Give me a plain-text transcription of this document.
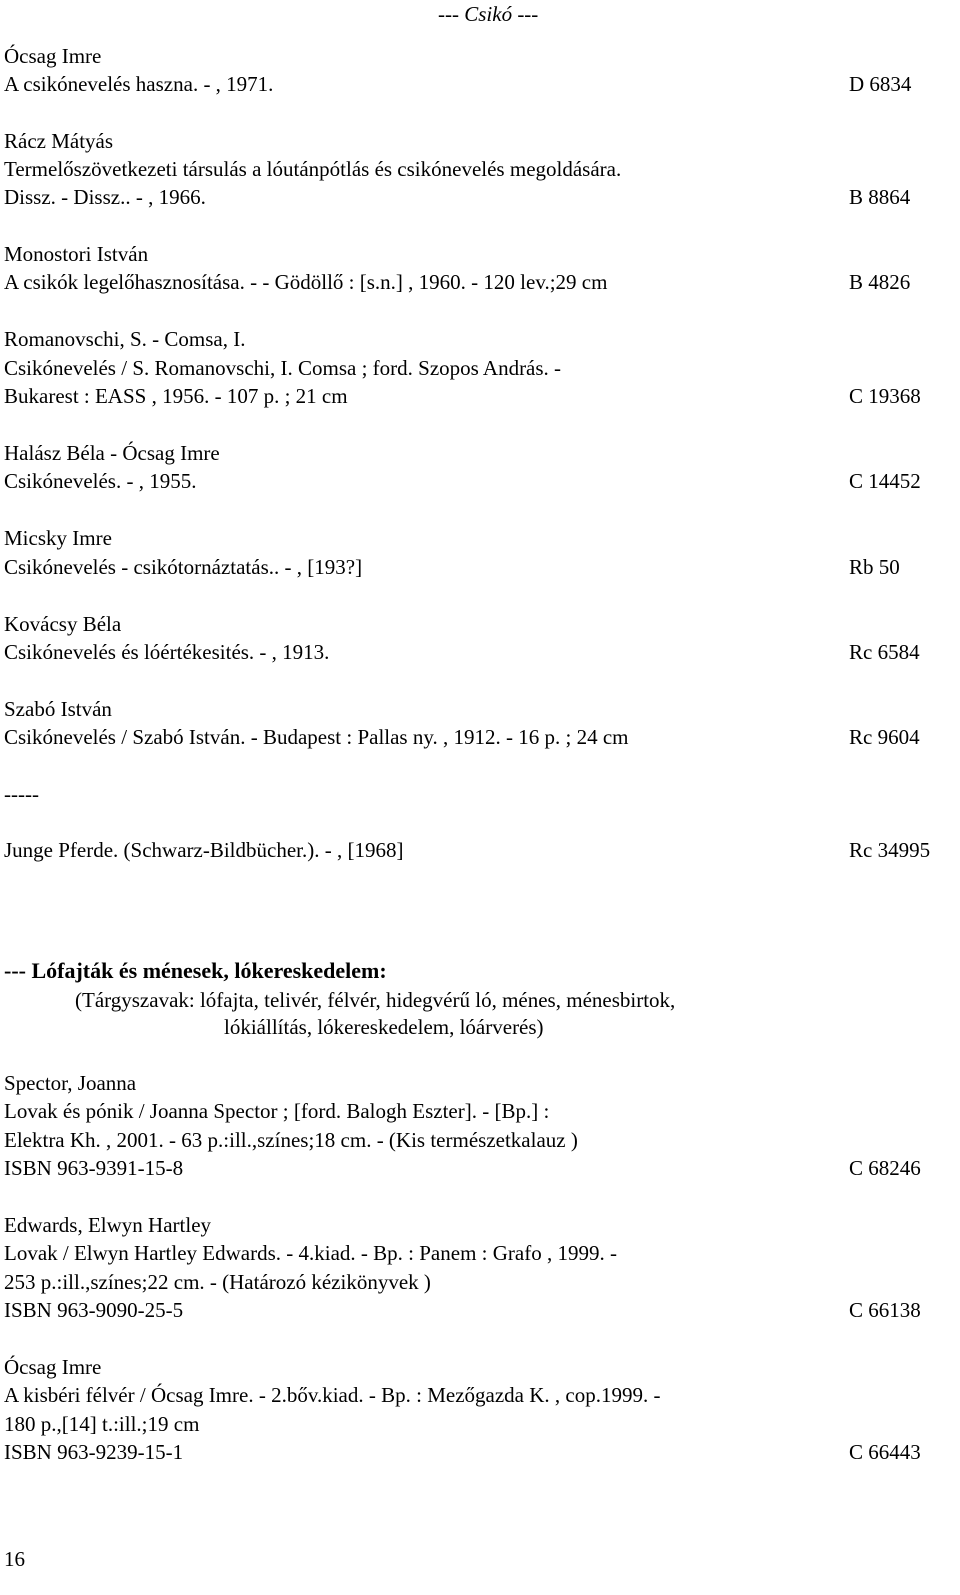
--- Csikó ---
Ócsag Imre
A csikónevelés haszna. - , 1971.	D 6834
Rácz Mátyás
Termelőszövetkezeti társulás a lóutánpótlás és csikónevelés megoldására.
Dissz. - Dissz.. - , 1966.	B 8864
Monostori István
A csikók legelőhasznosítása. - - Gödöllő : [s.n.] , 1960. - 120 lev.;29 cm	B 4826
Romanovschi, S. - Comsa, I.
Csikónevelés / S. Romanovschi, I. Comsa ; ford. Szopos András. -
Bukarest : EASS , 1956. - 107 p. ; 21 cm	C 19368
Halász Béla - Ócsag Imre
Csikónevelés. - , 1955.	C 14452
Micsky Imre
Csikónevelés - csikótornáztatás.. - , [193?]	Rb 50
Kovácsy Béla
Csikónevelés és lóértékesités. - , 1913.	Rc 6584
Szabó István
Csikónevelés / Szabó István. - Budapest : Pallas ny. , 1912. - 16 p. ; 24 cm	Rc 9604
-----
Junge Pferde. (Schwarz-Bildbücher.). - , [1968]	Rc 34995
--- Lófajták és ménesek, lókereskedelem:
(Tárgyszavak: lófajta, telivér, félvér, hidegvérű ló, ménes, ménesbirtok,
lókiállítás, lókereskedelem, lóárverés)
Spector, Joanna
Lovak és pónik / Joanna Spector ; [ford. Balogh Eszter]. - [Bp.] :
Elektra Kh. , 2001. - 63 p.:ill.,színes;18 cm. - (Kis természetkalauz )
ISBN 963-9391-15-8	C 68246
Edwards, Elwyn Hartley
Lovak / Elwyn Hartley Edwards. - 4.kiad. - Bp. : Panem : Grafo , 1999. -
253 p.:ill.,színes;22 cm. - (Határozó kézikönyvek )
ISBN 963-9090-25-5	C 66138
Ócsag Imre
A kisbéri félvér / Ócsag Imre. - 2.bőv.kiad. - Bp. : Mezőgazda K. , cop.1999. -
180 p.,[14] t.:ill.;19 cm
ISBN 963-9239-15-1	C 66443
16
